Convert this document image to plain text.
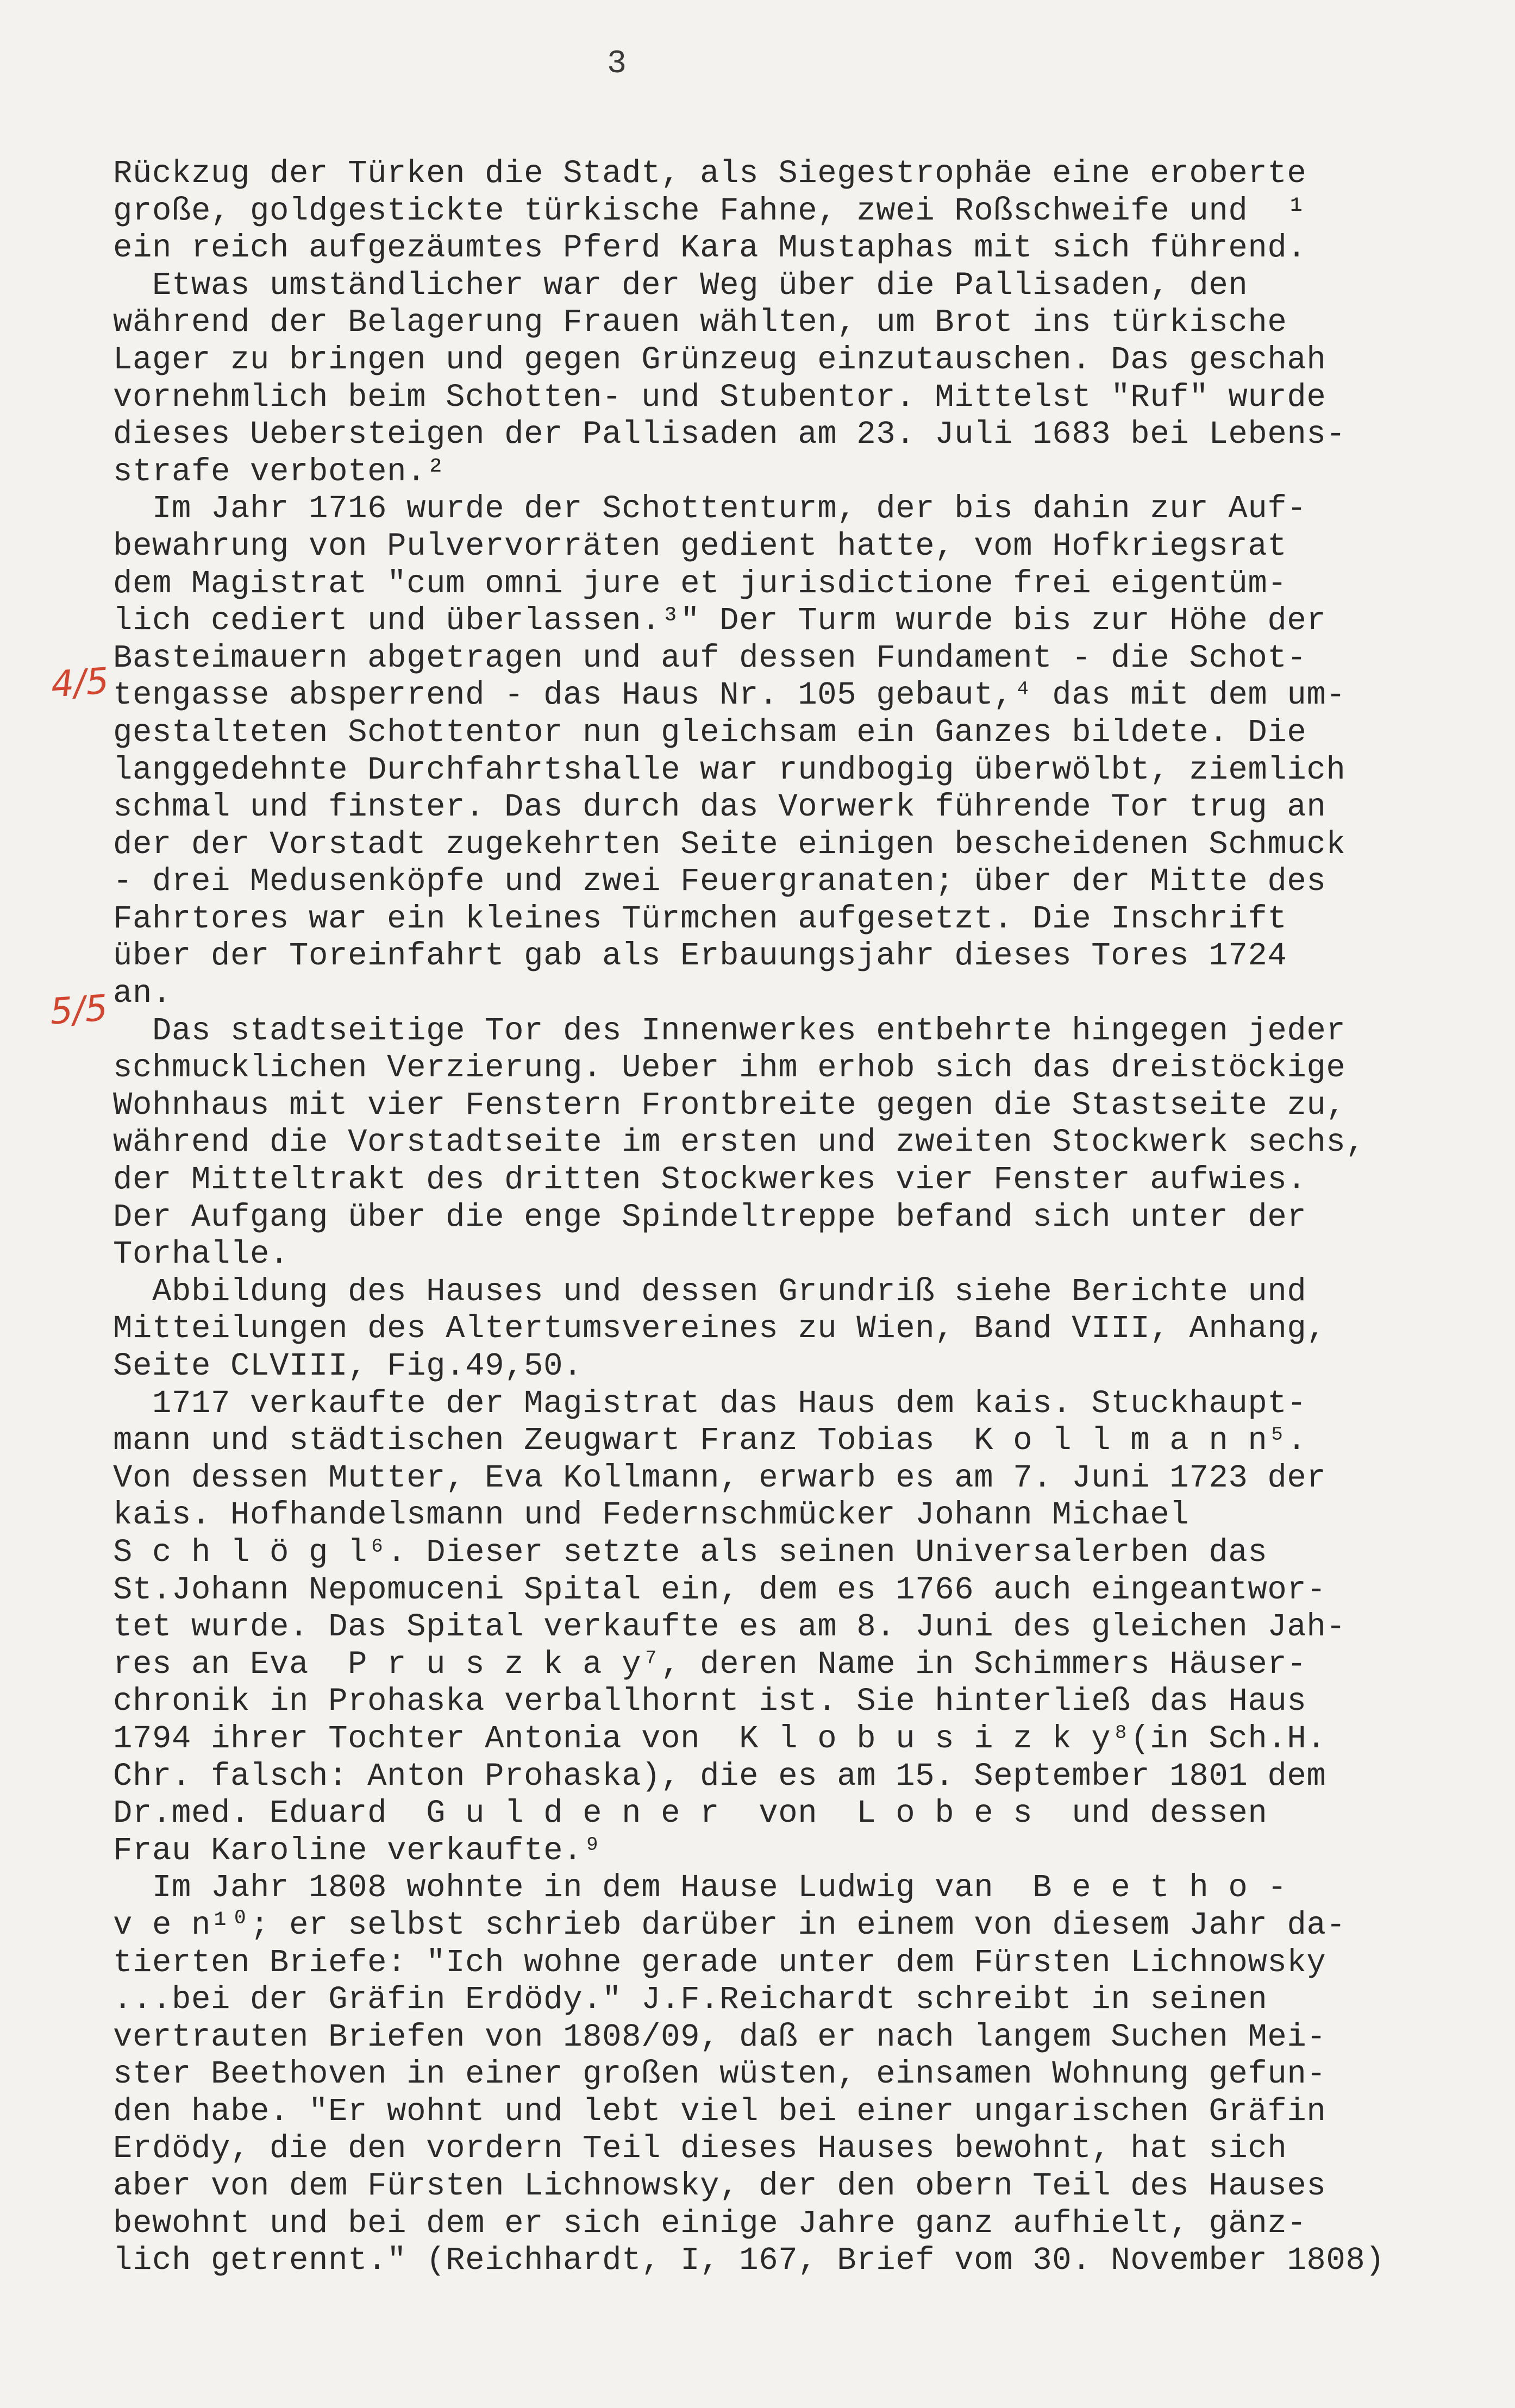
3
4/5
5/5
Rückzug der Türken die Stadt, als Siegestrophäe eine eroberte
große, goldgestickte türkische Fahne, zwei Roßschweife und  ¹
ein reich aufgezäumtes Pferd Kara Mustaphas mit sich führend.
Etwas umständlicher war der Weg über die Pallisaden, den
während der Belagerung Frauen wählten, um Brot ins türkische
Lager zu bringen und gegen Grünzeug einzutauschen. Das geschah
vornehmlich beim Schotten- und Stubentor. Mittelst "Ruf" wurde
dieses Uebersteigen der Pallisaden am 23. Juli 1683 bei Lebens-
strafe verboten.²
Im Jahr 1716 wurde der Schottenturm, der bis dahin zur Auf-
bewahrung von Pulvervorräten gedient hatte, vom Hofkriegsrat
dem Magistrat "cum omni jure et jurisdictione frei eigentüm-
lich cediert und überlassen.³" Der Turm wurde bis zur Höhe der
Basteimauern abgetragen und auf dessen Fundament - die Schot-
tengasse absperrend - das Haus Nr. 105 gebaut,⁴ das mit dem um-
gestalteten Schottentor nun gleichsam ein Ganzes bildete. Die
langgedehnte Durchfahrtshalle war rundbogig überwölbt, ziemlich
schmal und finster. Das durch das Vorwerk führende Tor trug an
der der Vorstadt zugekehrten Seite einigen bescheidenen Schmuck
- drei Medusenköpfe und zwei Feuergranaten; über der Mitte des
Fahrtores war ein kleines Türmchen aufgesetzt. Die Inschrift
über der Toreinfahrt gab als Erbauungsjahr dieses Tores 1724
an.
Das stadtseitige Tor des Innenwerkes entbehrte hingegen jeder
schmucklichen Verzierung. Ueber ihm erhob sich das dreistöckige
Wohnhaus mit vier Fenstern Frontbreite gegen die Stastseite zu,
während die Vorstadtseite im ersten und zweiten Stockwerk sechs,
der Mitteltrakt des dritten Stockwerkes vier Fenster aufwies.
Der Aufgang über die enge Spindeltreppe befand sich unter der
Torhalle.
Abbildung des Hauses und dessen Grundriß siehe Berichte und
Mitteilungen des Altertumsvereines zu Wien, Band VIII, Anhang,
Seite CLVIII, Fig.49,50.
1717 verkaufte der Magistrat das Haus dem kais. Stuckhaupt-
mann und städtischen Zeugwart Franz Tobias  K o l l m a n n⁵.
Von dessen Mutter, Eva Kollmann, erwarb es am 7. Juni 1723 der
kais. Hofhandelsmann und Federnschmücker Johann Michael
S c h l ö g l⁶. Dieser setzte als seinen Universalerben das
St.Johann Nepomuceni Spital ein, dem es 1766 auch eingeantwor-
tet wurde. Das Spital verkaufte es am 8. Juni des gleichen Jah-
res an Eva  P r u s z k a y⁷, deren Name in Schimmers Häuser-
chronik in Prohaska verballhornt ist. Sie hinterließ das Haus
1794 ihrer Tochter Antonia von  K l o b u s i z k y⁸(in Sch.H.
Chr. falsch: Anton Prohaska), die es am 15. September 1801 dem
Dr.med. Eduard  G u l d e n e r  von  L o b e s  und dessen
Frau Karoline verkaufte.⁹
Im Jahr 1808 wohnte in dem Hause Ludwig van  B e e t h o -
v e n¹⁰; er selbst schrieb darüber in einem von diesem Jahr da-
tierten Briefe: "Ich wohne gerade unter dem Fürsten Lichnowsky
...bei der Gräfin Erdödy." J.F.Reichardt schreibt in seinen
vertrauten Briefen von 1808/09, daß er nach langem Suchen Mei-
ster Beethoven in einer großen wüsten, einsamen Wohnung gefun-
den habe. "Er wohnt und lebt viel bei einer ungarischen Gräfin
Erdödy, die den vordern Teil dieses Hauses bewohnt, hat sich
aber von dem Fürsten Lichnowsky, der den obern Teil des Hauses
bewohnt und bei dem er sich einige Jahre ganz aufhielt, gänz-
lich getrennt." (Reichhardt, I, 167, Brief vom 30. November 1808)
